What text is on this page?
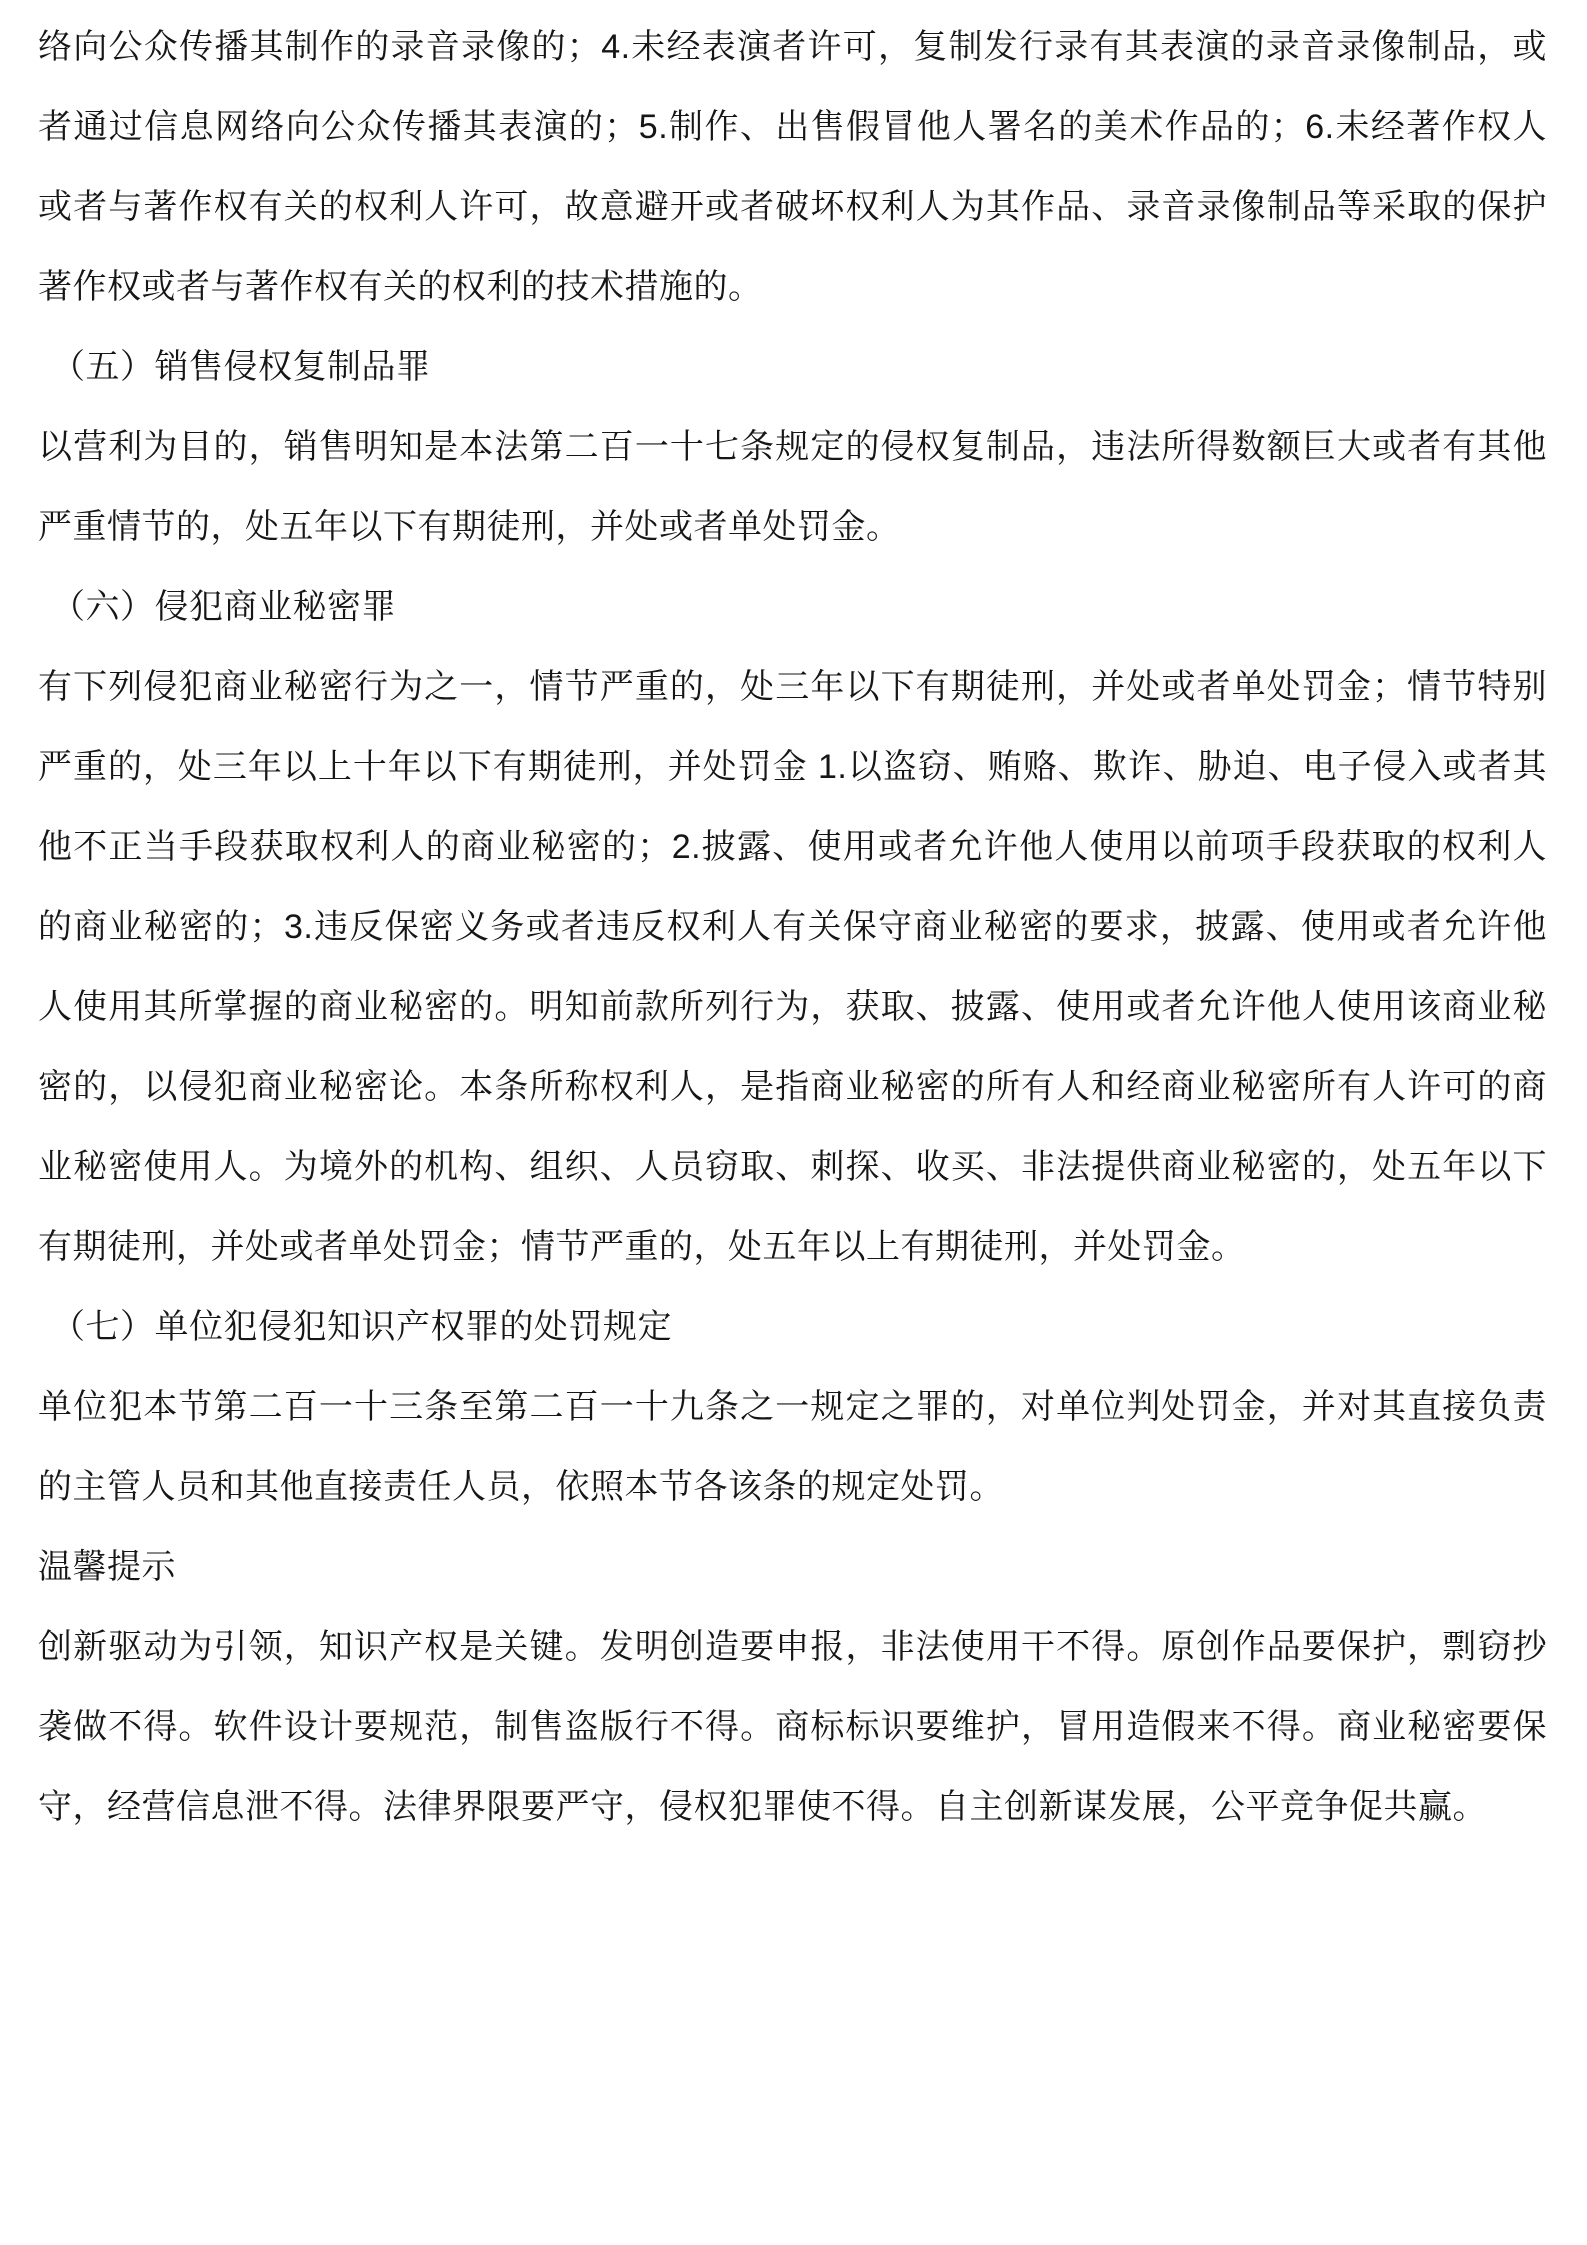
络向公众传播其制作的录音录像的；4.未经表演者许可，复制发行录有其表演的录音录像制品，或
者通过信息网络向公众传播其表演的；5.制作、出售假冒他人署名的美术作品的；6.未经著作权人
或者与著作权有关的权利人许可，故意避开或者破坏权利人为其作品、录音录像制品等采取的保护
著作权或者与著作权有关的权利的技术措施的。
（五）销售侵权复制品罪
以营利为目的，销售明知是本法第二百一十七条规定的侵权复制品，违法所得数额巨大或者有其他
严重情节的，处五年以下有期徒刑，并处或者单处罚金。
（六）侵犯商业秘密罪
有下列侵犯商业秘密行为之一，情节严重的，处三年以下有期徒刑，并处或者单处罚金；情节特别
严重的，处三年以上十年以下有期徒刑，并处罚金 1.以盗窃、贿赂、欺诈、胁迫、电子侵入或者其
他不正当手段获取权利人的商业秘密的；2.披露、使用或者允许他人使用以前项手段获取的权利人
的商业秘密的；3.违反保密义务或者违反权利人有关保守商业秘密的要求，披露、使用或者允许他
人使用其所掌握的商业秘密的。明知前款所列行为，获取、披露、使用或者允许他人使用该商业秘
密的，以侵犯商业秘密论。本条所称权利人，是指商业秘密的所有人和经商业秘密所有人许可的商
业秘密使用人。为境外的机构、组织、人员窃取、刺探、收买、非法提供商业秘密的，处五年以下
有期徒刑，并处或者单处罚金；情节严重的，处五年以上有期徒刑，并处罚金。
（七）单位犯侵犯知识产权罪的处罚规定
单位犯本节第二百一十三条至第二百一十九条之一规定之罪的，对单位判处罚金，并对其直接负责
的主管人员和其他直接责任人员，依照本节各该条的规定处罚。
温馨提示
创新驱动为引领，知识产权是关键。发明创造要申报，非法使用干不得。原创作品要保护，剽窃抄
袭做不得。软件设计要规范，制售盗版行不得。商标标识要维护，冒用造假来不得。商业秘密要保
守，经营信息泄不得。法律界限要严守，侵权犯罪使不得。自主创新谋发展，公平竞争促共赢。
